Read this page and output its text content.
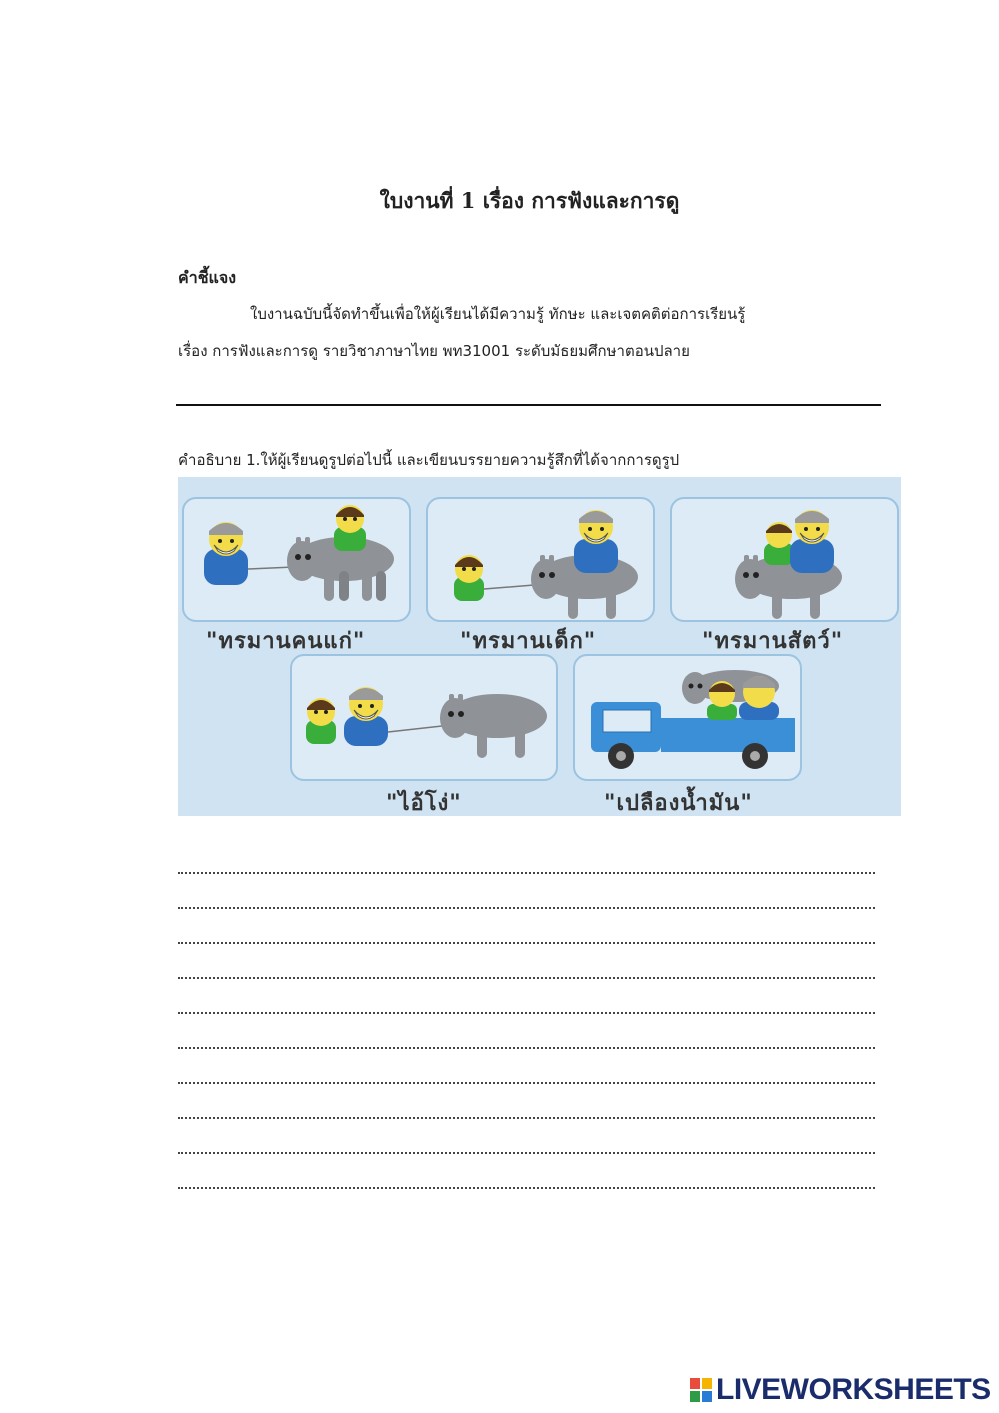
ใบงานที่ 1 เรื่อง การฟังและการดู
คำชี้แจง
ใบงานฉบับนี้จัดทำขึ้นเพื่อให้ผู้เรียนได้มีความรู้ ทักษะ และเจตคติต่อการเรียนรู้
เรื่อง การฟังและการดู รายวิชาภาษาไทย พท31001 ระดับมัธยมศึกษาตอนปลาย
คำอธิบาย 1.ให้ผู้เรียนดูรูปต่อไปนี้ และเขียนบรรยายความรู้สึกที่ได้จากการดูรูป
"ทรมานคนแก่"	"ทรมานเด็ก"	"ทรมานสัตว์"
"ไอ้โง่"	"เปลืองน้ำมัน"
LIVEWORKSHEETS
